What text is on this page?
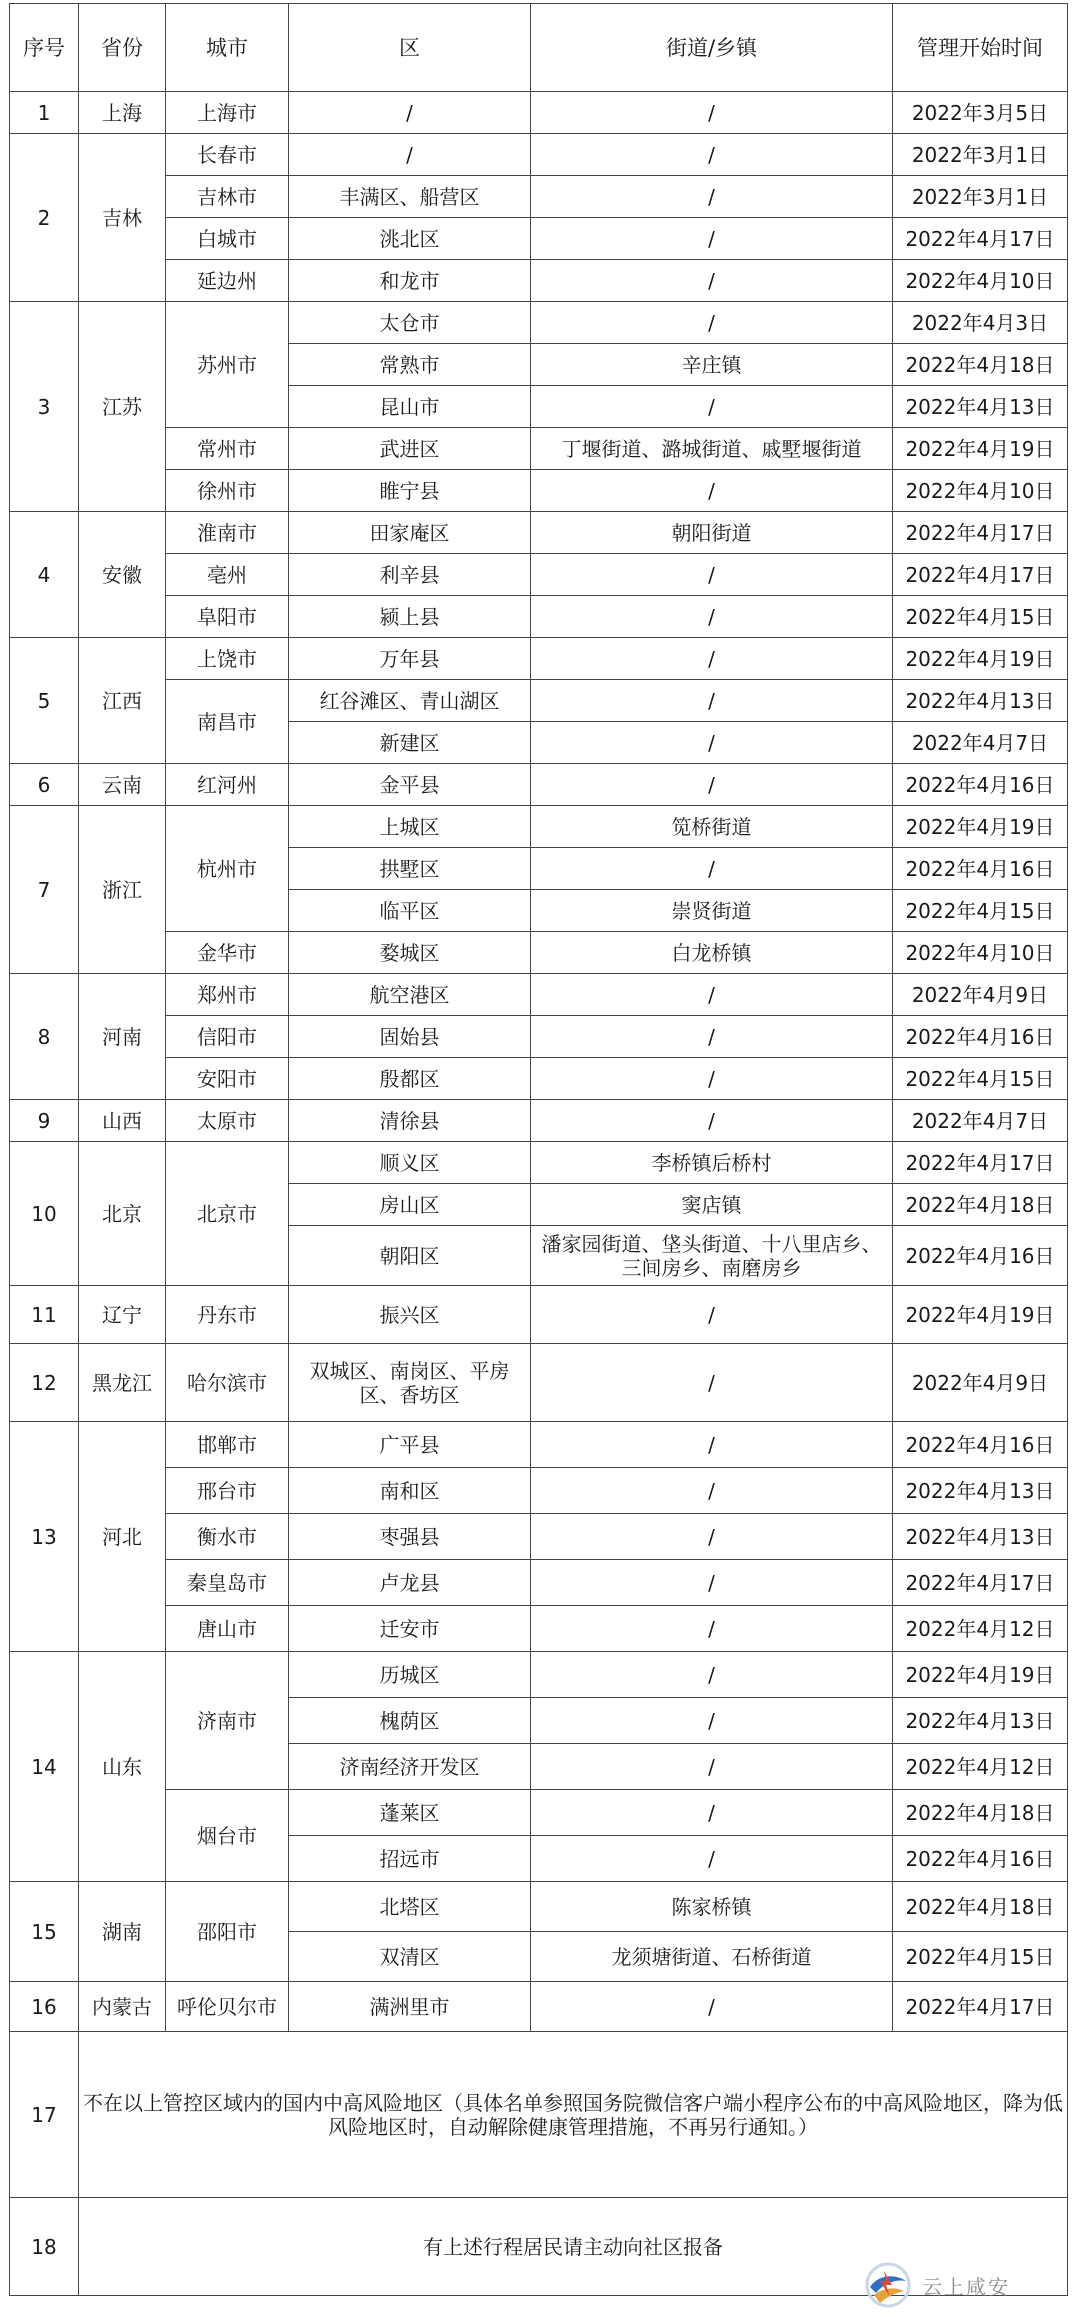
序号	省份	城市	区	街道/乡镇	管理开始时间
1	上海	上海市	/	/	2022年3月5日
2	吉林	长春市	/	/	2022年3月1日
		吉林市	丰满区、船营区	/	2022年3月1日
		白城市	洮北区	/	2022年4月17日
		延边州	和龙市	/	2022年4月10日
3	江苏	苏州市	太仓市	/	2022年4月3日
			常熟市	辛庄镇	2022年4月18日
			昆山市	/	2022年4月13日
		常州市	武进区	丁堰街道、潞城街道、戚墅堰街道	2022年4月19日
		徐州市	睢宁县	/	2022年4月10日
4	安徽	淮南市	田家庵区	朝阳街道	2022年4月17日
		亳州	利辛县	/	2022年4月17日
		阜阳市	颍上县	/	2022年4月15日
5	江西	上饶市	万年县	/	2022年4月19日
		南昌市	红谷滩区、青山湖区	/	2022年4月13日
			新建区	/	2022年4月7日
6	云南	红河州	金平县	/	2022年4月16日
7	浙江	杭州市	上城区	笕桥街道	2022年4月19日
			拱墅区	/	2022年4月16日
			临平区	崇贤街道	2022年4月15日
		金华市	婺城区	白龙桥镇	2022年4月10日
8	河南	郑州市	航空港区	/	2022年4月9日
		信阳市	固始县	/	2022年4月16日
		安阳市	殷都区	/	2022年4月15日
9	山西	太原市	清徐县	/	2022年4月7日
10	北京	北京市	顺义区	李桥镇后桥村	2022年4月17日
			房山区	窦店镇	2022年4月18日
			朝阳区	潘家园街道、垡头街道、十八里店乡、三间房乡、南磨房乡	2022年4月16日
11	辽宁	丹东市	振兴区	/	2022年4月19日
12	黑龙江	哈尔滨市	双城区、南岗区、平房区、香坊区	/	2022年4月9日
13	河北	邯郸市	广平县	/	2022年4月16日
		邢台市	南和区	/	2022年4月13日
		衡水市	枣强县	/	2022年4月13日
		秦皇岛市	卢龙县	/	2022年4月17日
		唐山市	迁安市	/	2022年4月12日
14	山东	济南市	历城区	/	2022年4月19日
			槐荫区	/	2022年4月13日
			济南经济开发区	/	2022年4月12日
		烟台市	蓬莱区	/	2022年4月18日
			招远市	/	2022年4月16日
15	湖南	邵阳市	北塔区	陈家桥镇	2022年4月18日
			双清区	龙须塘街道、石桥街道	2022年4月15日
16	内蒙古	呼伦贝尔市	满洲里市	/	2022年4月17日
17	不在以上管控区域内的国内中高风险地区（具体名单参照国务院微信客户端小程序公布的中高风险地区，降为低风险地区时，自动解除健康管理措施，不再另行通知。）				
18	有上述行程居民请主动向社区报备				
云上咸安
